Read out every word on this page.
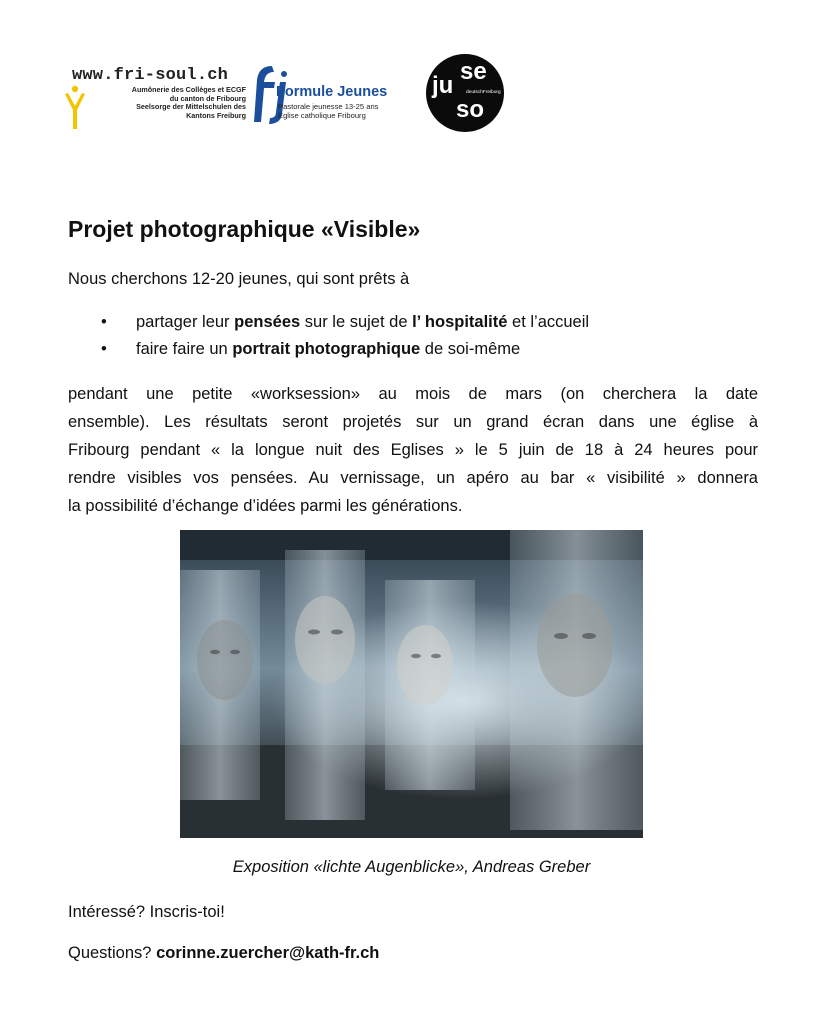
www.fri-soul.ch
Aumônerie des Collèges et ECGF
du canton de Fribourg
Seelsorge der Mittelschulen des
Kantons Freiburg
Formule Jeunes
Pastorale jeunesse 13-25 ans
Eglise catholique Fribourg
ju
se
deutschFreiburg
so
Projet photographique «Visible»
Nous cherchons 12-20 jeunes, qui sont prêts à
• partager leur pensées sur le sujet de l’ hospitalité et l’accueil
• faire faire un portrait photographique de soi-même
pendant une petite «worksession» au mois de mars (on cherchera la date
ensemble). Les résultats seront projetés sur un grand écran dans une église à
Fribourg pendant « la longue nuit des Eglises » le 5 juin de 18 à 24 heures pour
rendre visibles vos pensées. Au vernissage, un apéro au bar « visibilité » donnera
la possibilité d’échange d’idées parmi les générations.
Exposition «lichte Augenblicke», Andreas Greber
Intéressé? Inscris-toi!
Questions? corinne.zuercher@kath-fr.ch
